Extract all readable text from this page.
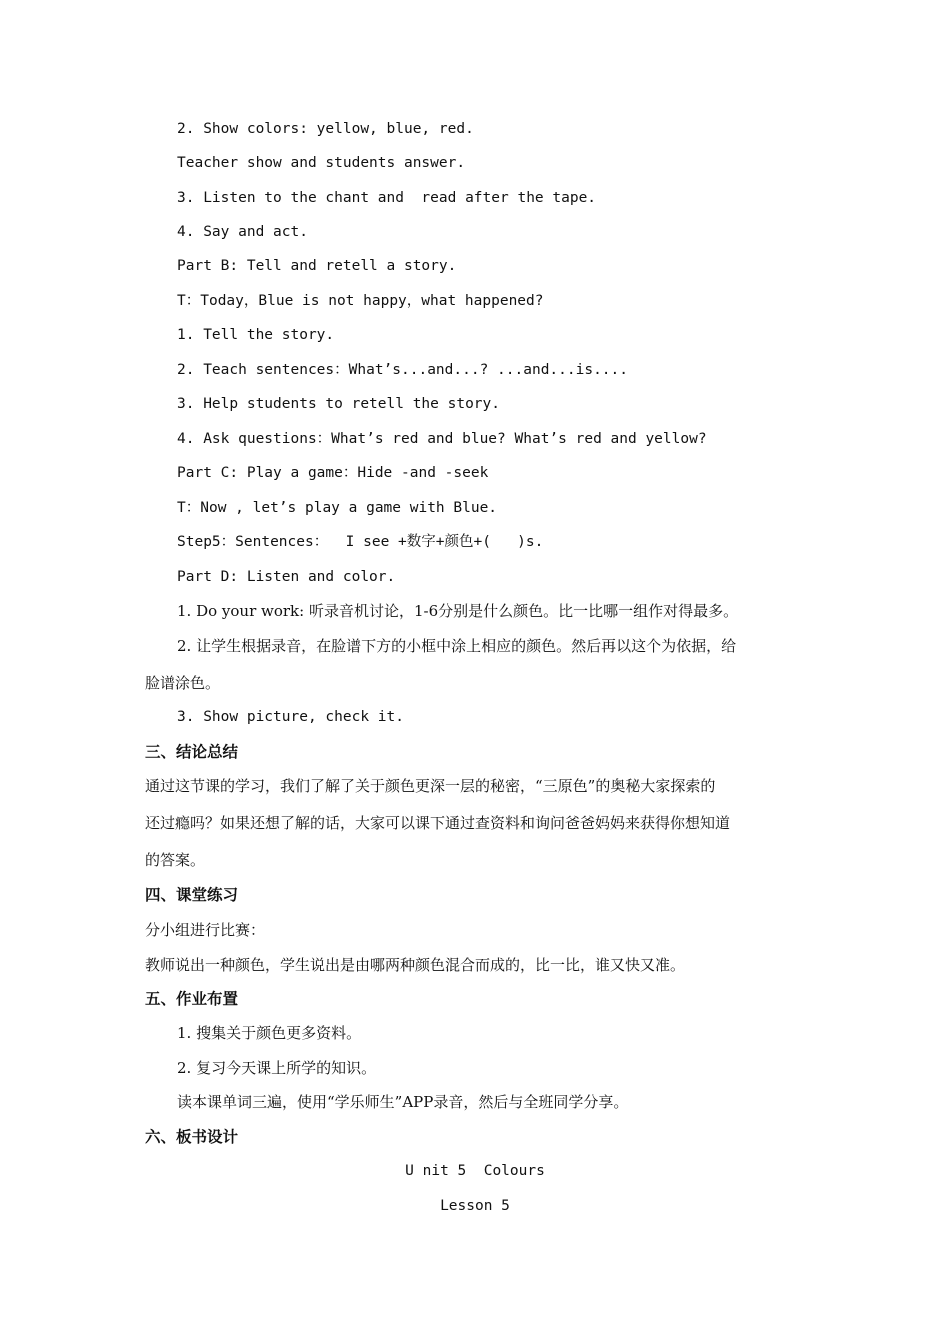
2. Show colors: yellow, blue, red.
Teacher show and students answer.
3. Listen to the chant and  read after the tape.
4. Say and act.
Part B: Tell and retell a story.
T：Today，Blue is not happy，what happened?
1. Tell the story.
2. Teach sentences：What’s...and...? ...and...is....
3. Help students to retell the story.
4. Ask questions：What’s red and blue? What’s red and yellow?
Part C: Play a game：Hide -and -seek
T：Now , let’s play a game with Blue.
Step5：Sentences：  I see +数字+颜色+(   )s.
Part D: Listen and color.
1. Do your work: 听录音机讨论，1-6分别是什么颜色。比一比哪一组作对得最多。
2. 让学生根据录音，在脸谱下方的小框中涂上相应的颜色。然后再以这个为依据，给
脸谱涂色。
3. Show picture, check it.
三、结论总结
通过这节课的学习，我们了解了关于颜色更深一层的秘密，“三原色”的奥秘大家探索的
还过瘾吗？如果还想了解的话，大家可以课下通过查资料和询问爸爸妈妈来获得你想知道
的答案。
四、课堂练习
分小组进行比赛：
教师说出一种颜色，学生说出是由哪两种颜色混合而成的，比一比，谁又快又准。
五、作业布置
1. 搜集关于颜色更多资料。
2. 复习今天课上所学的知识。
读本课单词三遍，使用“学乐师生”APP录音，然后与全班同学分享。
六、板书设计
U nit 5  Colours
Lesson 5
